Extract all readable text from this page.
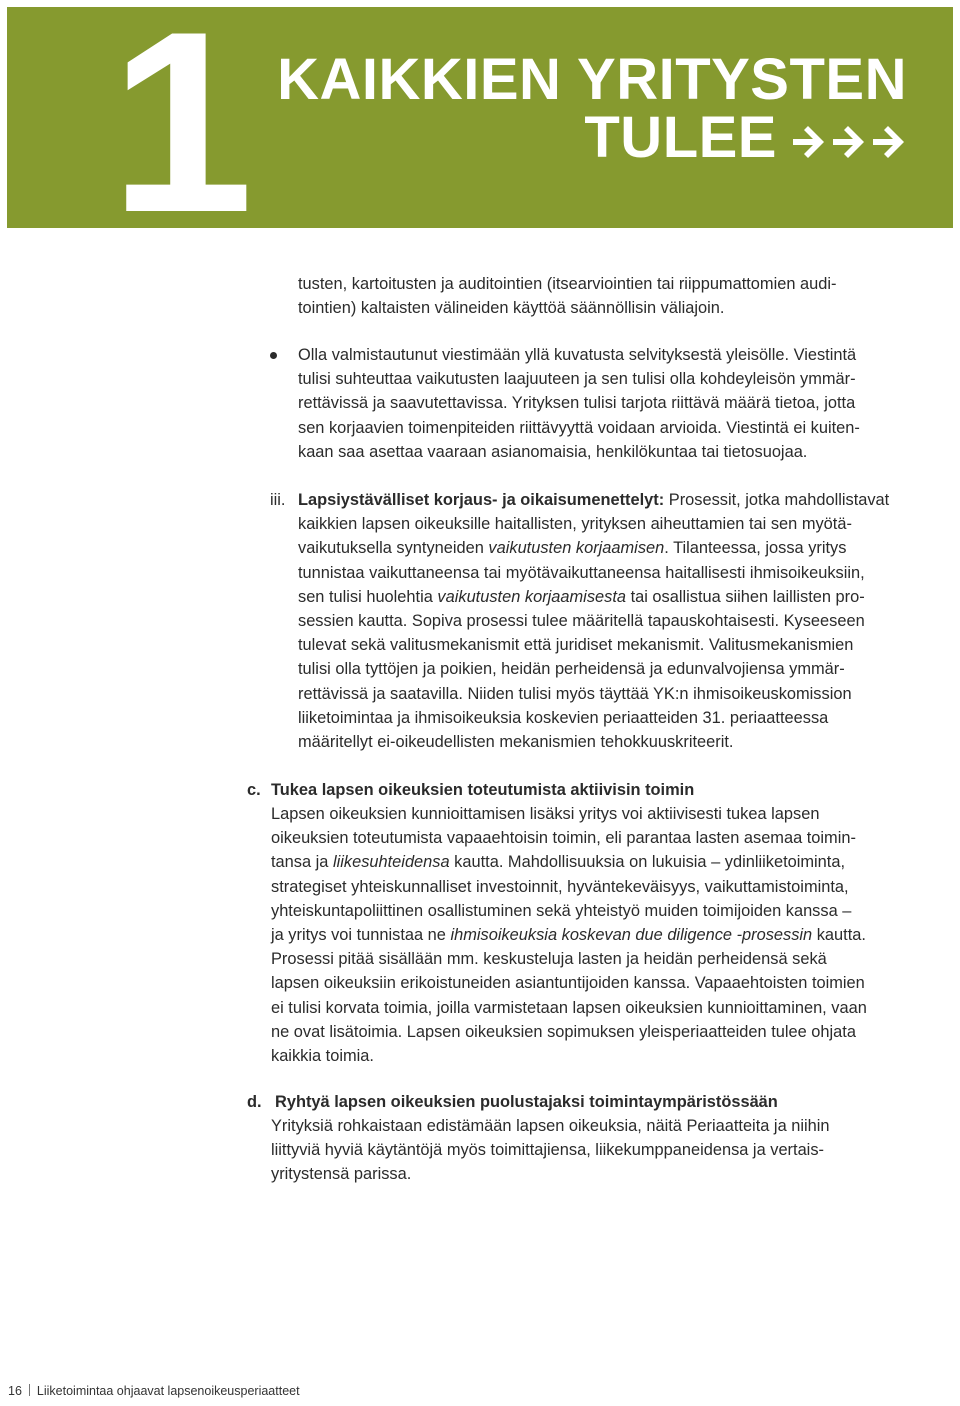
1 KAIKKIEN YRITYSTEN
TULEE
tusten, kartoitusten ja auditointien (itsearviointien tai riippumattomien audi-
tointien) kaltaisten välineiden käyttöä säännöllisin väliajoin.
Olla valmistautunut viestimään yllä kuvatusta selvityksestä yleisölle. Viestintä
tulisi suhteuttaa vaikutusten laajuuteen ja sen tulisi olla kohdeyleisön ymmär-
rettävissä ja saavutettavissa. Yrityksen tulisi tarjota riittävä määrä tietoa, jotta
sen korjaavien toimenpiteiden riittävyyttä voidaan arvioida. Viestintä ei kuiten-
kaan saa asettaa vaaraan asianomaisia, henkilökuntaa tai tietosuojaa.
iii. Lapsiystävälliset korjaus- ja oikaisumenettelyt: Prosessit, jotka mahdollistavat
kaikkien lapsen oikeuksille haitallisten, yrityksen aiheuttamien tai sen myötä-
vaikutuksella syntyneiden vaikutusten korjaamisen. Tilanteessa, jossa yritys
tunnistaa vaikuttaneensa tai myötävaikuttaneensa haitallisesti ihmisoikeuksiin,
sen tulisi huolehtia vaikutusten korjaamisesta tai osallistua siihen laillisten pro-
sessien kautta. Sopiva prosessi tulee määritellä tapauskohtaisesti. Kyseeseen
tulevat sekä valitusmekanismit että juridiset mekanismit. Valitusmekanismien
tulisi olla tyttöjen ja poikien, heidän perheidensä ja edunvalvojiensa ymmär-
rettävissä ja saatavilla. Niiden tulisi myös täyttää YK:n ihmisoikeuskomission
liiketoimintaa ja ihmisoikeuksia koskevien periaatteiden 31. periaatteessa
määritellyt ei-oikeudellisten mekanismien tehokkuuskriteerit.
c. Tukea lapsen oikeuksien toteutumista aktiivisin toimin
Lapsen oikeuksien kunnioittamisen lisäksi yritys voi aktiivisesti tukea lapsen
oikeuksien toteutumista vapaaehtoisin toimin, eli parantaa lasten asemaa toimin-
tansa ja liikesuhteidensa kautta. Mahdollisuuksia on lukuisia – ydinliiketoiminta,
strategiset yhteiskunnalliset investoinnit, hyväntekeväisyys, vaikuttamistoiminta,
yhteiskuntapoliittinen osallistuminen sekä yhteistyö muiden toimijoiden kanssa –
ja yritys voi tunnistaa ne ihmisoikeuksia koskevan due diligence -prosessin kautta.
Prosessi pitää sisällään mm. keskusteluja lasten ja heidän perheidensä sekä
lapsen oikeuksiin erikoistuneiden asiantuntijoiden kanssa. Vapaaehtoisten toimien
ei tulisi korvata toimia, joilla varmistetaan lapsen oikeuksien kunnioittaminen, vaan
ne ovat lisätoimia. Lapsen oikeuksien sopimuksen yleisperiaatteiden tulee ohjata
kaikkia toimia.
d. Ryhtyä lapsen oikeuksien puolustajaksi toimintaympäristössään
Yrityksiä rohkaistaan edistämään lapsen oikeuksia, näitä Periaatteita ja niihin
liittyviä hyviä käytäntöjä myös toimittajiensa, liikekumppaneidensa ja vertais-
yritystensä parissa.
16 Liiketoimintaa ohjaavat lapsenoikeusperiaatteet
